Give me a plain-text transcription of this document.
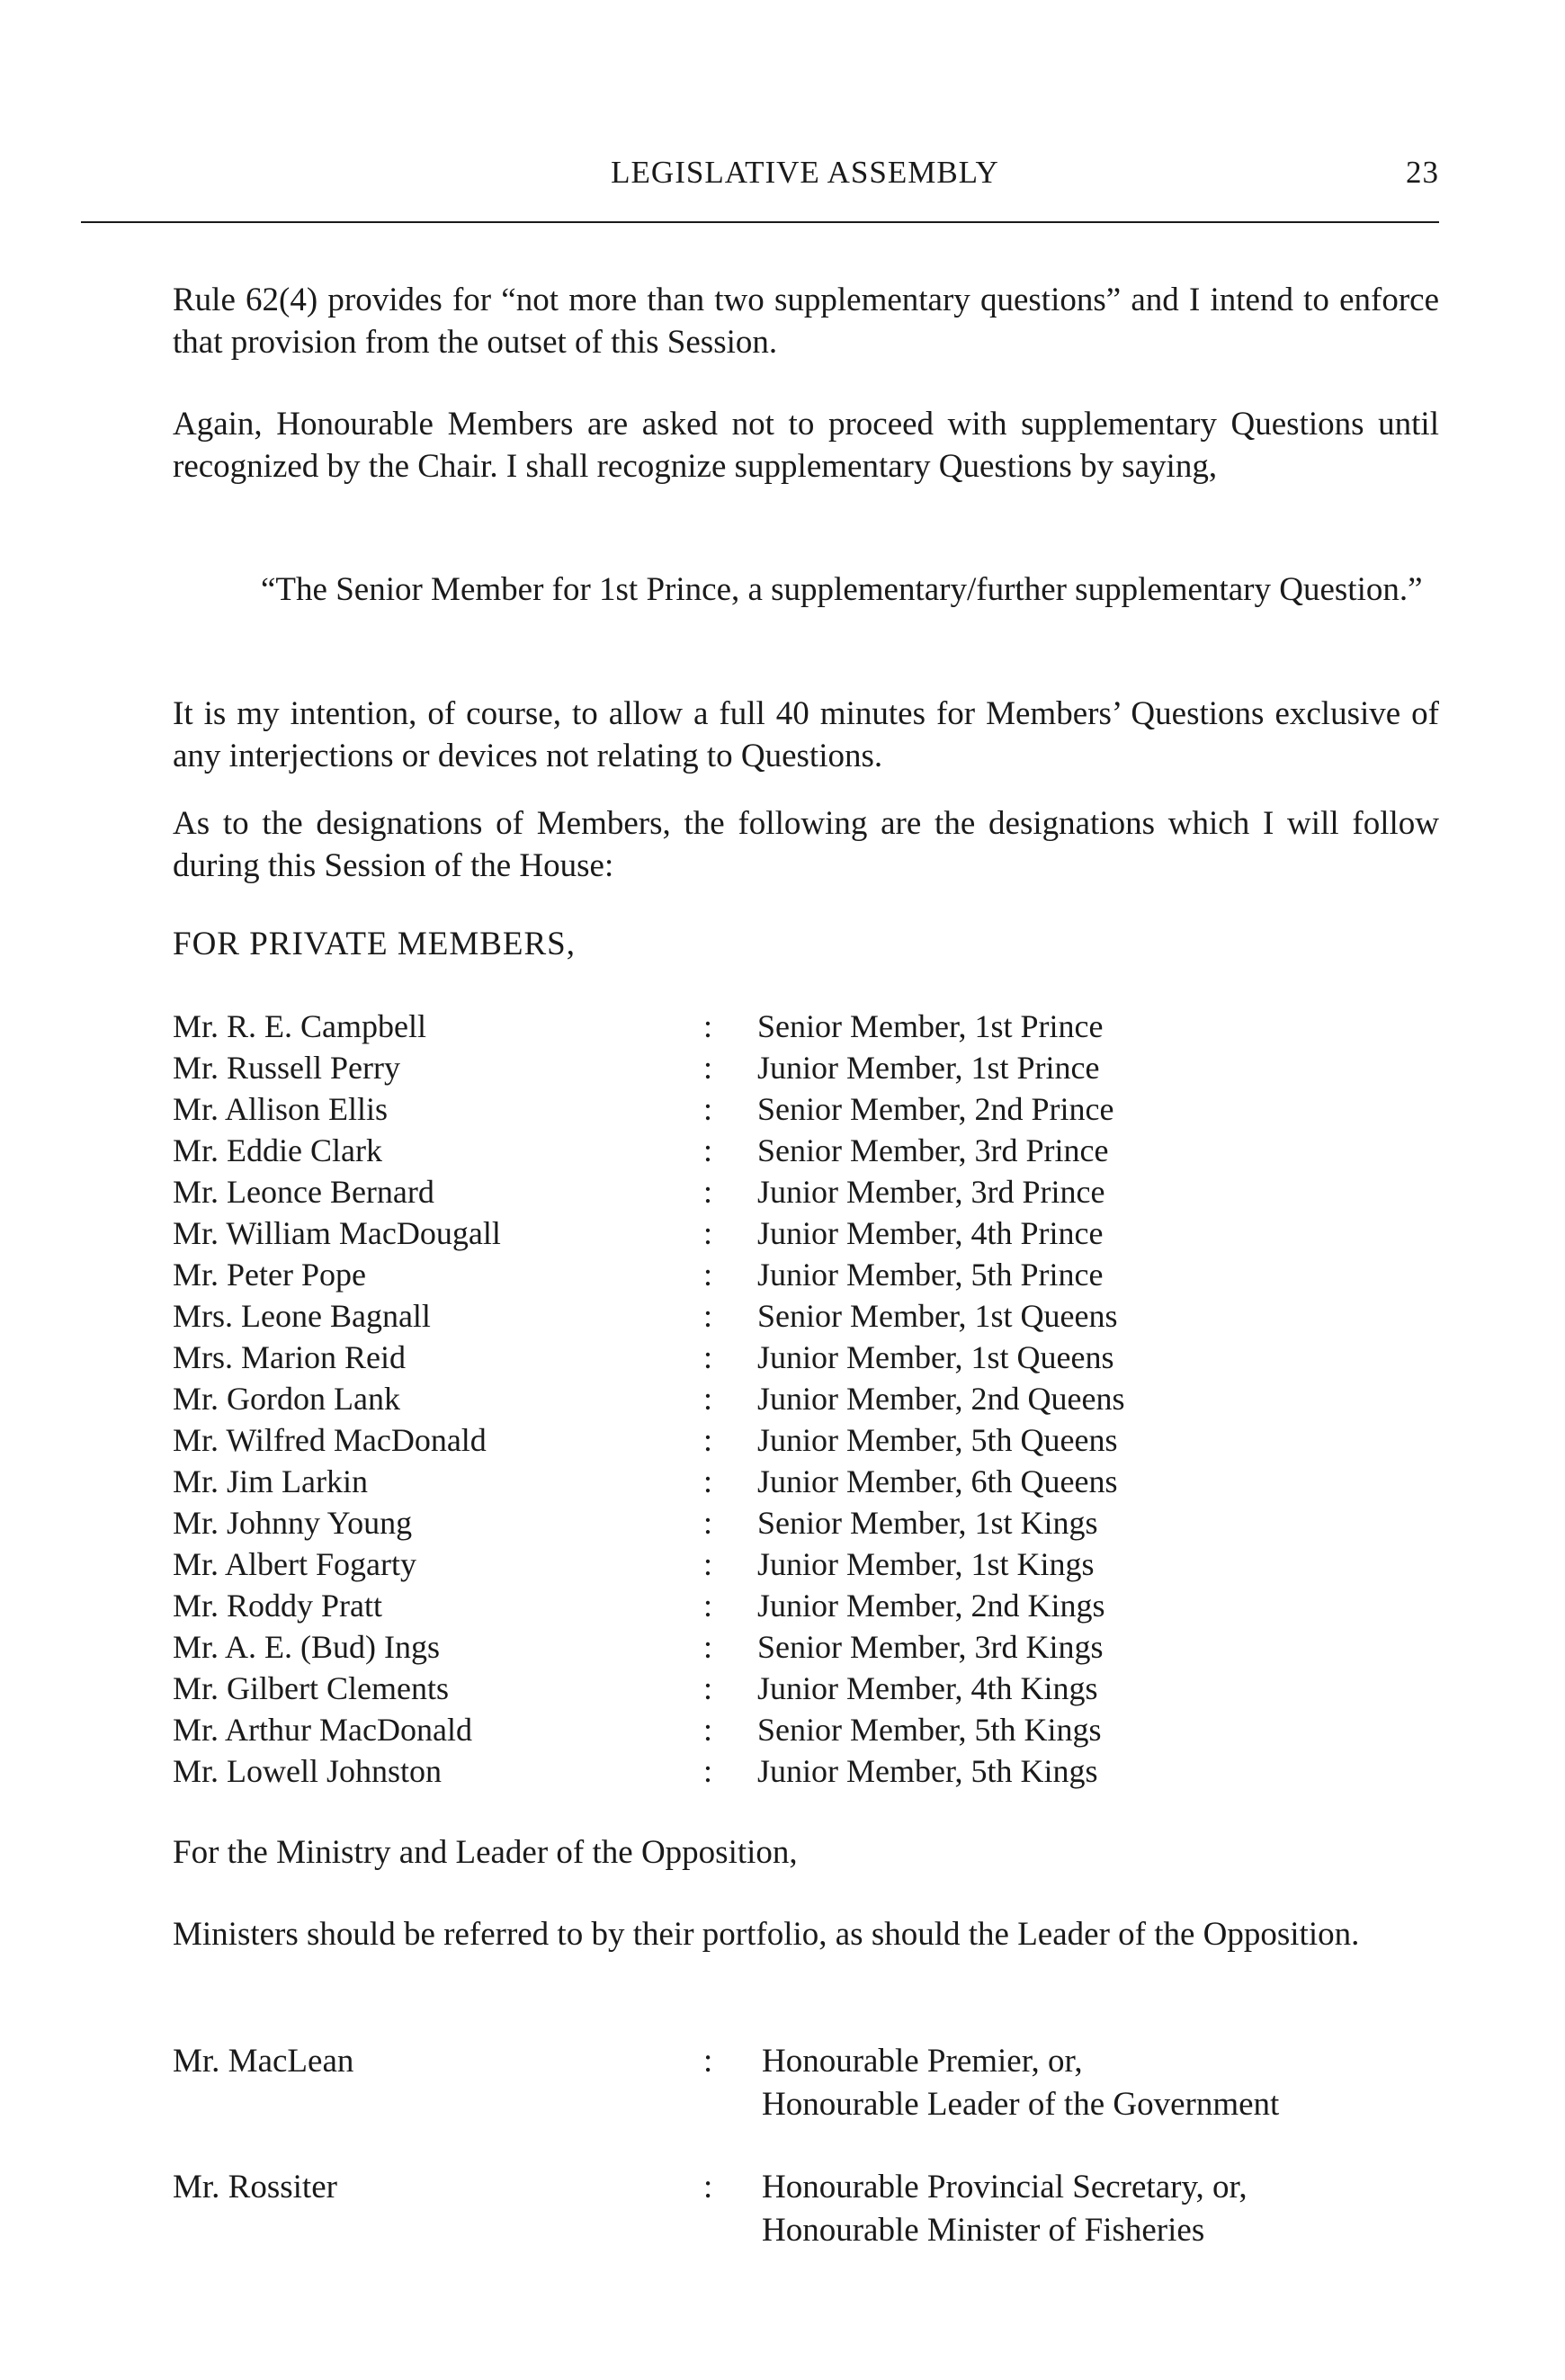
LEGISLATIVE ASSEMBLY	23
Rule 62(4) provides for “not more than two supplementary questions” and I intend to enforce that provision from the outset of this Session.
Again, Honourable Members are asked not to proceed with supplementary Questions until recognized by the Chair. I shall recognize supplementary Questions by saying,
“The Senior Member for 1st Prince, a supplementary/further supplementary Question.”
It is my intention, of course, to allow a full 40 minutes for Members’ Questions exclusive of any interjections or devices not relating to Questions.
As to the designations of Members, the following are the designations which I will follow during this Session of the House:
FOR PRIVATE MEMBERS,
Mr. R. E. Campbell	: Senior Member, 1st Prince
Mr. Russell Perry	: Junior Member, 1st Prince
Mr. Allison Ellis	: Senior Member, 2nd Prince
Mr. Eddie Clark	: Senior Member, 3rd Prince
Mr. Leonce Bernard	: Junior Member, 3rd Prince
Mr. William MacDougall	: Junior Member, 4th Prince
Mr. Peter Pope	: Junior Member, 5th Prince
Mrs. Leone Bagnall	: Senior Member, 1st Queens
Mrs. Marion Reid	: Junior Member, 1st Queens
Mr. Gordon Lank	: Junior Member, 2nd Queens
Mr. Wilfred MacDonald	: Junior Member, 5th Queens
Mr. Jim Larkin	: Junior Member, 6th Queens
Mr. Johnny Young	: Senior Member, 1st Kings
Mr. Albert Fogarty	: Junior Member, 1st Kings
Mr. Roddy Pratt	: Junior Member, 2nd Kings
Mr. A. E. (Bud) Ings	: Senior Member, 3rd Kings
Mr. Gilbert Clements	: Junior Member, 4th Kings
Mr. Arthur MacDonald	: Senior Member, 5th Kings
Mr. Lowell Johnston	: Junior Member, 5th Kings
For the Ministry and Leader of the Opposition,
Ministers should be referred to by their portfolio, as should the Leader of the Opposition.
Mr. MacLean	: Honourable Premier, or,
Honourable Leader of the Government
Mr. Rossiter	: Honourable Provincial Secretary, or,
Honourable Minister of Fisheries
